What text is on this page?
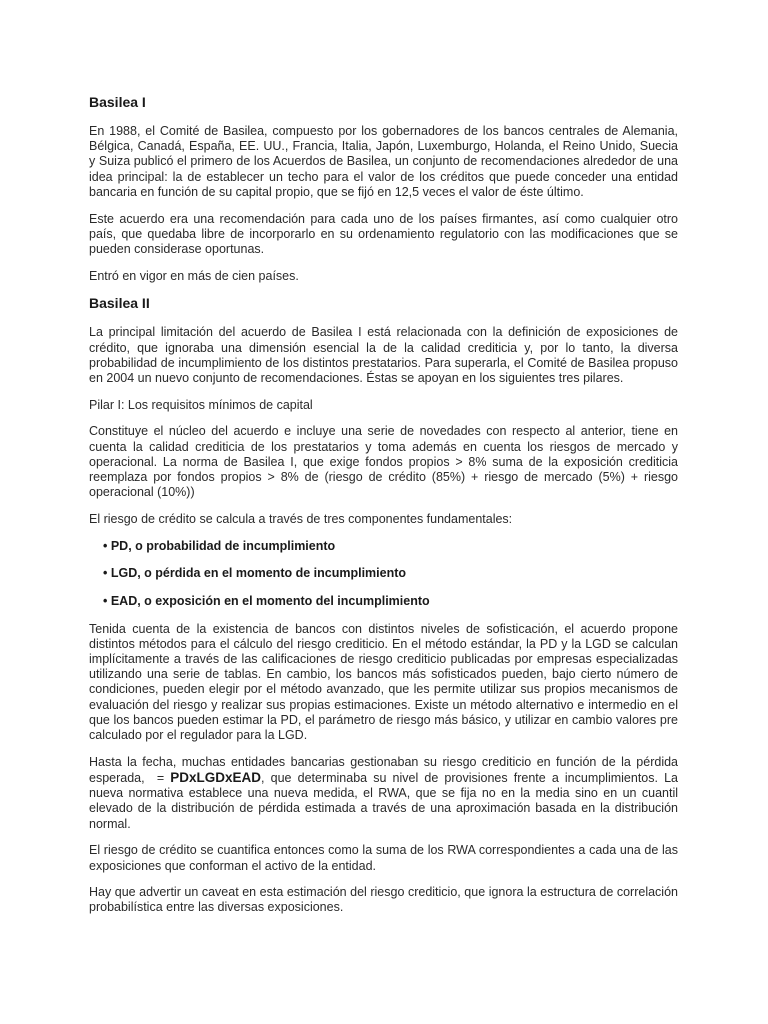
Basilea I

En 1988, el Comité de Basilea, compuesto por los gobernadores de los bancos centrales de Alemania, Bélgica, Canadá, España, EE. UU., Francia, Italia, Japón, Luxemburgo, Holanda, el Reino Unido, Suecia y Suiza publicó el primero de los Acuerdos de Basilea, un conjunto de recomendaciones alrededor de una idea principal: la de establecer un techo para el valor de los créditos que puede conceder una entidad bancaria en función de su capital propio, que se fijó en 12,5 veces el valor de éste último.

Este acuerdo era una recomendación para cada uno de los países firmantes, así como cualquier otro país, que quedaba libre de incorporarlo en su ordenamiento regulatorio con las modificaciones que se pueden considerase oportunas.

Entró en vigor en más de cien países.

Basilea II

La principal limitación del acuerdo de Basilea I está relacionada con la definición de exposiciones de crédito, que ignoraba una dimensión esencial la de la calidad crediticia y, por lo tanto, la diversa probabilidad de incumplimiento de los distintos prestatarios. Para superarla, el Comité de Basilea propuso en 2004 un nuevo conjunto de recomendaciones. Éstas se apoyan en los siguientes tres pilares.

Pilar I: Los requisitos mínimos de capital

Constituye el núcleo del acuerdo e incluye una serie de novedades con respecto al anterior, tiene en cuenta la calidad crediticia de los prestatarios y toma además en cuenta los riesgos de mercado y operacional. La norma de Basilea I, que exige fondos propios > 8% suma de la exposición crediticia reemplaza por fondos propios > 8% de (riesgo de crédito (85%) + riesgo de mercado (5%) + riesgo operacional (10%))

El riesgo de crédito se calcula a través de tres componentes fundamentales:

• PD, o probabilidad de incumplimiento

• LGD, o pérdida en el momento de incumplimiento

• EAD, o exposición en el momento del incumplimiento

Tenida cuenta de la existencia de bancos con distintos niveles de sofisticación, el acuerdo propone distintos métodos para el cálculo del riesgo crediticio. En el método estándar, la PD y la LGD se calculan implícitamente a través de las calificaciones de riesgo crediticio publicadas por empresas especializadas utilizando una serie de tablas. En cambio, los bancos más sofisticados pueden, bajo cierto número de condiciones, pueden elegir por el método avanzado, que les permite utilizar sus propios mecanismos de evaluación del riesgo y realizar sus propias estimaciones. Existe un método alternativo e intermedio en el que los bancos pueden estimar la PD, el parámetro de riesgo más básico, y utilizar en cambio valores pre calculado por el regulador para la LGD.

Hasta la fecha, muchas entidades bancarias gestionaban su riesgo crediticio en función de la pérdida esperada,  = PDxLGDxEAD, que determinaba su nivel de provisiones frente a incumplimientos. La nueva normativa establece una nueva medida, el RWA, que se fija no en la media sino en un cuantil elevado de la distribución de pérdida estimada a través de una aproximación basada en la distribución normal.

El riesgo de crédito se cuantifica entonces como la suma de los RWA correspondientes a cada una de las exposiciones que conforman el activo de la entidad.

Hay que advertir un caveat en esta estimación del riesgo crediticio, que ignora la estructura de correlación probabilística entre las diversas exposiciones.
